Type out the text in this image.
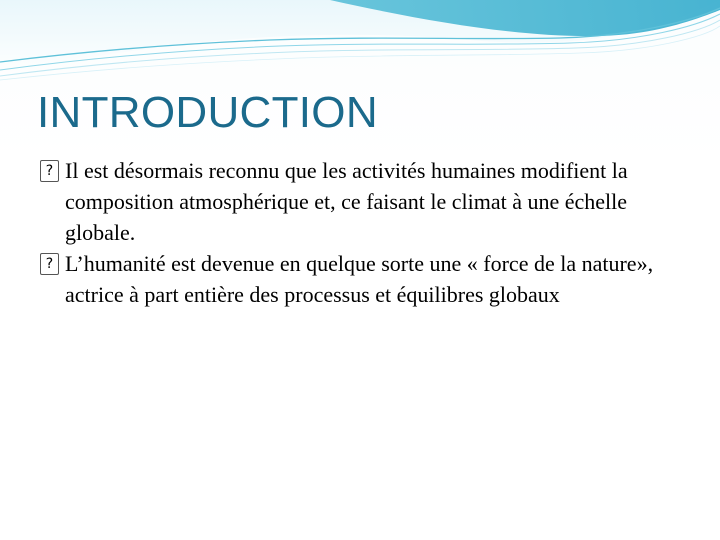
INTRODUCTION
? Il est désormais reconnu que les activités humaines modifient la composition atmosphérique et, ce faisant le climat à une échelle globale.
? L’humanité est devenue en quelque sorte une « force de la nature», actrice à part entière des processus et équilibres globaux
